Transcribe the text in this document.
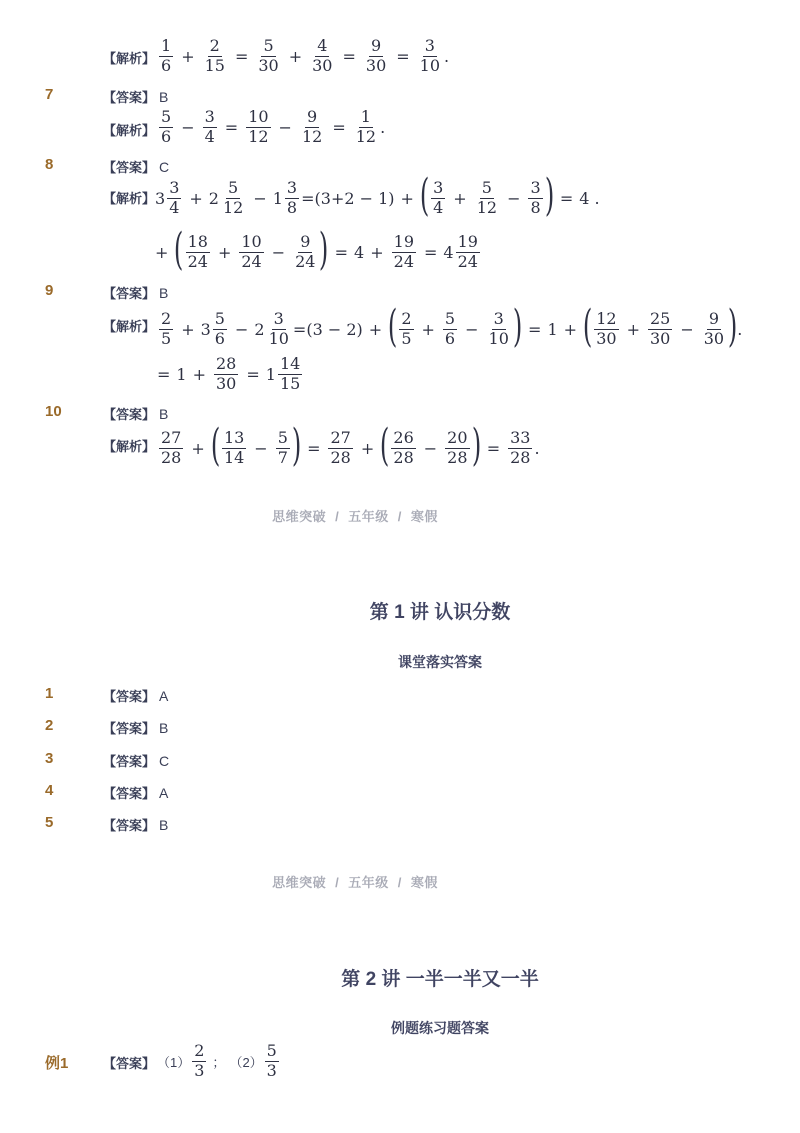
【解析】 $\frac{1}{6} + \frac{2}{15} = \frac{5}{30} + \frac{4}{30} = \frac{9}{30} = \frac{3}{10}$ .
7	【答案】 B
【解析】 $\frac{5}{6} - \frac{3}{4} = \frac{10}{12} - \frac{9}{12} = \frac{1}{12}$ .
8	【答案】 C
【解析】 $3 \frac{3}{4} + 2 \frac{5}{12} - 1 \frac{3}{8} =(3+2 - 1)$ + ( $\frac{3}{4} + \frac{5}{12} - \frac{3}{8}$ ) = 4 .
+ ( $\frac{18}{24} + \frac{10}{24} - \frac{9}{24}$ ) = $4 + \frac{19}{24} = 4 \frac{19}{24}$
9	【答案】 B
【解析】 $\frac{2}{5} + 3 \frac{5}{6} - 2 \frac{3}{10} =(3 - 2)$ + ( $\frac{2}{5} + \frac{5}{6} - \frac{3}{10}$ ) = 1 + ( $\frac{12}{30} + \frac{25}{30} - \frac{9}{30}$ ) .
= $1 + \frac{28}{30} = 1 \frac{14}{15}$
10	【答案】 B
【解析】 $\frac{27}{28}$ + ( $\frac{13}{14} - \frac{5}{7}$ ) = $\frac{27}{28}$ + ( $\frac{26}{28} - \frac{20}{28}$ ) = $\frac{33}{28}$ .
思维突破 / 五年级 / 寒假
第 1 讲 认识分数
课堂落实答案
1	【答案】 A
2	【答案】 B
3	【答案】 C
4	【答案】 A
5	【答案】 B
思维突破 / 五年级 / 寒假
第 2 讲 一半一半又一半
例题练习题答案
例1	【答案】 $(1) \frac{2}{3}$ ； $(2) \frac{5}{3}$
